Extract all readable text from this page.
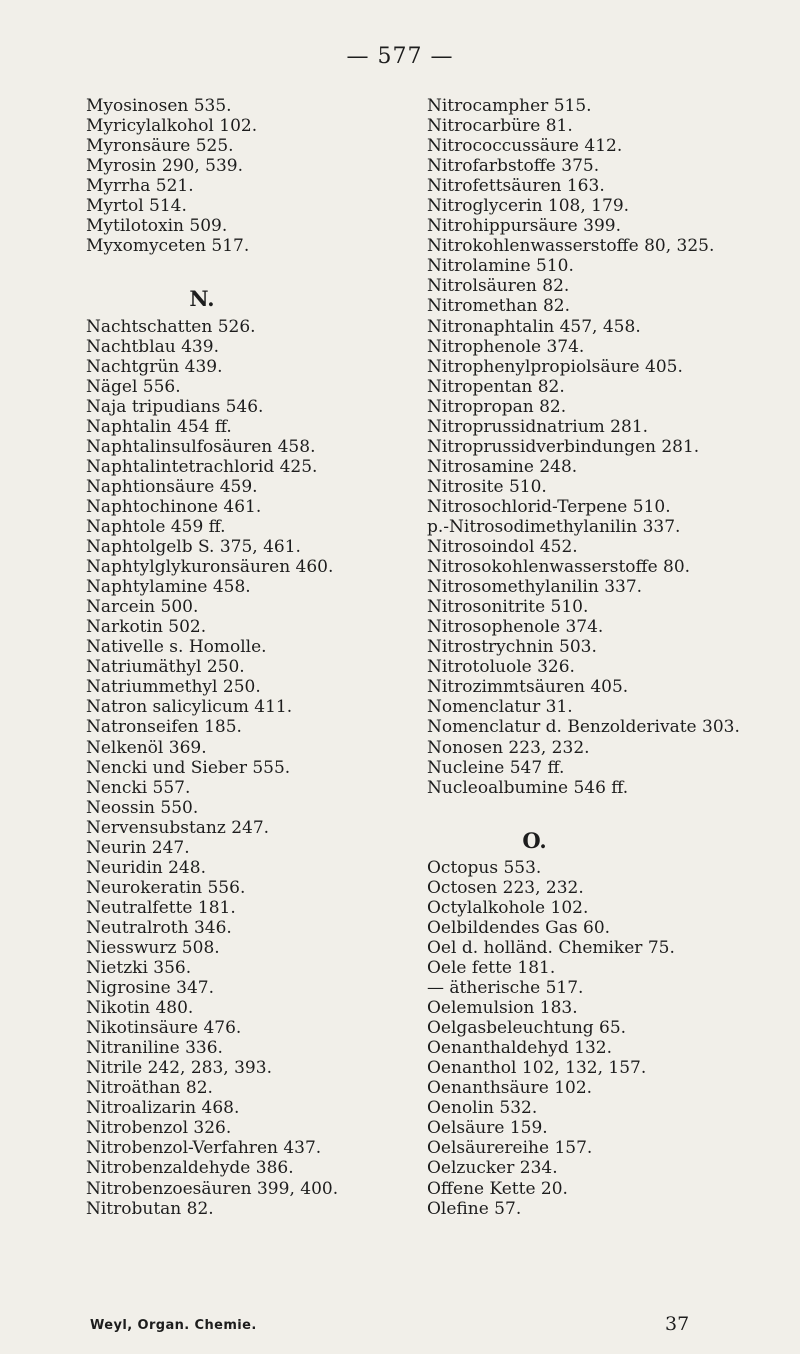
— 577 —
Myosinosen 535.
Myricylalkohol 102.
Myronsäure 525.
Myrosin 290, 539.
Myrrha 521.
Myrtol 514.
Mytilotoxin 509.
Myxomyceten 517.
N.
Nachtschatten 526.
Nachtblau 439.
Nachtgrün 439.
Nägel 556.
Naja tripudians 546.
Naphtalin 454 ff.
Naphtalinsulfosäuren 458.
Naphtalintetrachlorid 425.
Naphtionsäure 459.
Naphtochinone 461.
Naphtole 459 ff.
Naphtolgelb S. 375, 461.
Naphtylglykuronsäuren 460.
Naphtylamine 458.
Narcein 500.
Narkotin 502.
Nativelle s. Homolle.
Natriumäthyl 250.
Natriummethyl 250.
Natron salicylicum 411.
Natronseifen 185.
Nelkenöl 369.
Nencki und Sieber 555.
Nencki 557.
Neossin 550.
Nervensubstanz 247.
Neurin 247.
Neuridin 248.
Neurokeratin 556.
Neutralfette 181.
Neutralroth 346.
Niesswurz 508.
Nietzki 356.
Nigrosine 347.
Nikotin 480.
Nikotinsäure 476.
Nitraniline 336.
Nitrile 242, 283, 393.
Nitroäthan 82.
Nitroalizarin 468.
Nitrobenzol 326.
Nitrobenzol-Verfahren 437.
Nitrobenzaldehyde 386.
Nitrobenzoesäuren 399, 400.
Nitrobutan 82.
Nitrocampher 515.
Nitrocarbüre 81.
Nitrococcussäure 412.
Nitrofarbstoffe 375.
Nitrofettsäuren 163.
Nitroglycerin 108, 179.
Nitrohippursäure 399.
Nitrokohlenwasserstoffe 80, 325.
Nitrolamine 510.
Nitrolsäuren 82.
Nitromethan 82.
Nitronaphtalin 457, 458.
Nitrophenole 374.
Nitrophenylpropiolsäure 405.
Nitropentan 82.
Nitropropan 82.
Nitroprussidnatrium 281.
Nitroprussidverbindungen 281.
Nitrosamine 248.
Nitrosite 510.
Nitrosochlorid-Terpene 510.
p.-Nitrosodimethylanilin 337.
Nitrosoindol 452.
Nitrosokohlenwasserstoffe 80.
Nitrosomethylanilin 337.
Nitrosonitrite 510.
Nitrosophenole 374.
Nitrostrychnin 503.
Nitrotoluole 326.
Nitrozimmtsäuren 405.
Nomenclatur 31.
Nomenclatur d. Benzolderivate 303.
Nonosen 223, 232.
Nucleine 547 ff.
Nucleoalbumine 546 ff.
O.
Octopus 553.
Octosen 223, 232.
Octylalkohole 102.
Oelbildendes Gas 60.
Oel d. holländ. Chemiker 75.
Oele fette 181.
— ätherische 517.
Oelemulsion 183.
Oelgasbeleuchtung 65.
Oenanthaldehyd 132.
Oenanthol 102, 132, 157.
Oenanthsäure 102.
Oenolin 532.
Oelsäure 159.
Oelsäurereihe 157.
Oelzucker 234.
Offene Kette 20.
Olefine 57.
Weyl, Organ. Chemie.	37
